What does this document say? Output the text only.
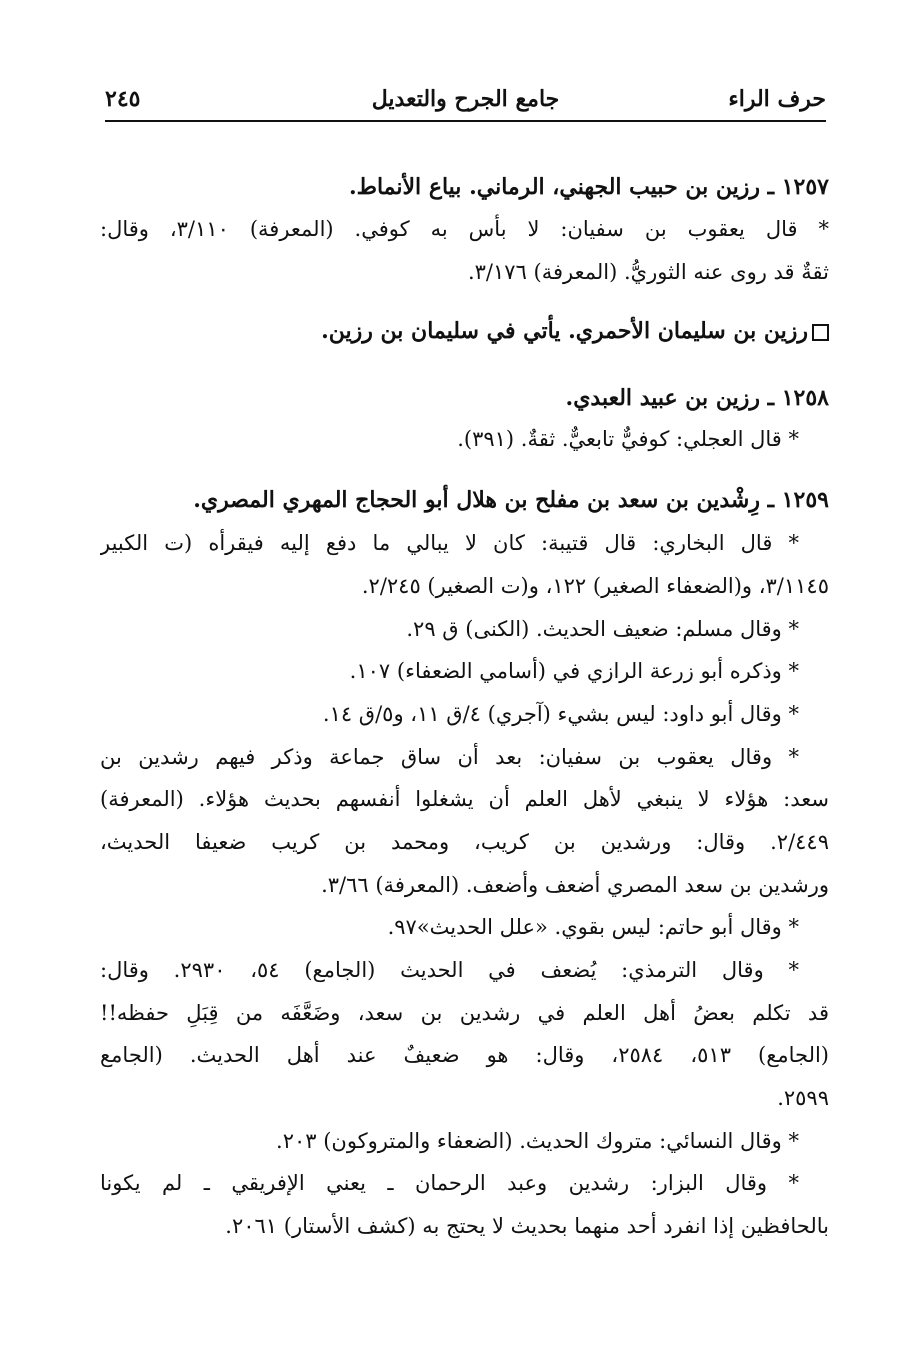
حرف الراء
جامع الجرح والتعديل
٢٤٥
١٢٥٧ ـ رزين بن حبيب الجهني، الرماني. بياع الأنماط.
* قال يعقوب بن سفيان: لا بأس به كوفي. (المعرفة) ٣/١١٠، وقال:
ثقةٌ قد روى عنه الثوريُّ. (المعرفة) ٣/١٧٦.
رزين بن سليمان الأحمري. يأتي في سليمان بن رزين.
١٢٥٨ ـ رزين بن عبيد العبدي.
* قال العجلي: كوفيٌّ تابعيٌّ. ثقةٌ. (٣٩١).
١٢٥٩ ـ رِشْدين بن سعد بن مفلح بن هلال أبو الحجاج المهري المصري.
* قال البخاري: قال قتيبة: كان لا يبالي ما دفع إليه فيقرأه (ت الكبير
٣/١١٤٥، و(الضعفاء الصغير) ١٢٢، و(ت الصغير) ٢/٢٤٥.
* وقال مسلم: ضعيف الحديث. (الكنى) ق ٢٩.
* وذكره أبو زرعة الرازي في (أسامي الضعفاء) ١٠٧.
* وقال أبو داود: ليس بشيء (آجري) ٤/ق ١١، و٥/ق ١٤.
* وقال يعقوب بن سفيان: بعد أن ساق جماعة وذكر فيهم رشدين بن
سعد: هؤلاء لا ينبغي لأهل العلم أن يشغلوا أنفسهم بحديث هؤلاء. (المعرفة)
٢/٤٤٩. وقال: ورشدين بن كريب، ومحمد بن كريب ضعيفا الحديث،
ورشدين بن سعد المصري أضعف وأضعف. (المعرفة) ٣/٦٦.
* وقال أبو حاتم: ليس بقوي. «علل الحديث»٩٧.
* وقال الترمذي: يُضعف في الحديث (الجامع) ٥٤، ٢٩٣٠. وقال:
قد تكلم بعضُ أهل العلم في رشدين بن سعد، وضَعَّفَه من قِبَلِ حفظه!!
(الجامع) ٥١٣، ٢٥٨٤، وقال: هو ضعيفٌ عند أهل الحديث. (الجامع
٢٥٩٩.
* وقال النسائي: متروك الحديث. (الضعفاء والمتروكون) ٢٠٣.
* وقال البزار: رشدين وعبد الرحمان ـ يعني الإفريقي ـ لم يكونا
بالحافظين إذا انفرد أحد منهما بحديث لا يحتج به (كشف الأستار) ٢٠٦١.
